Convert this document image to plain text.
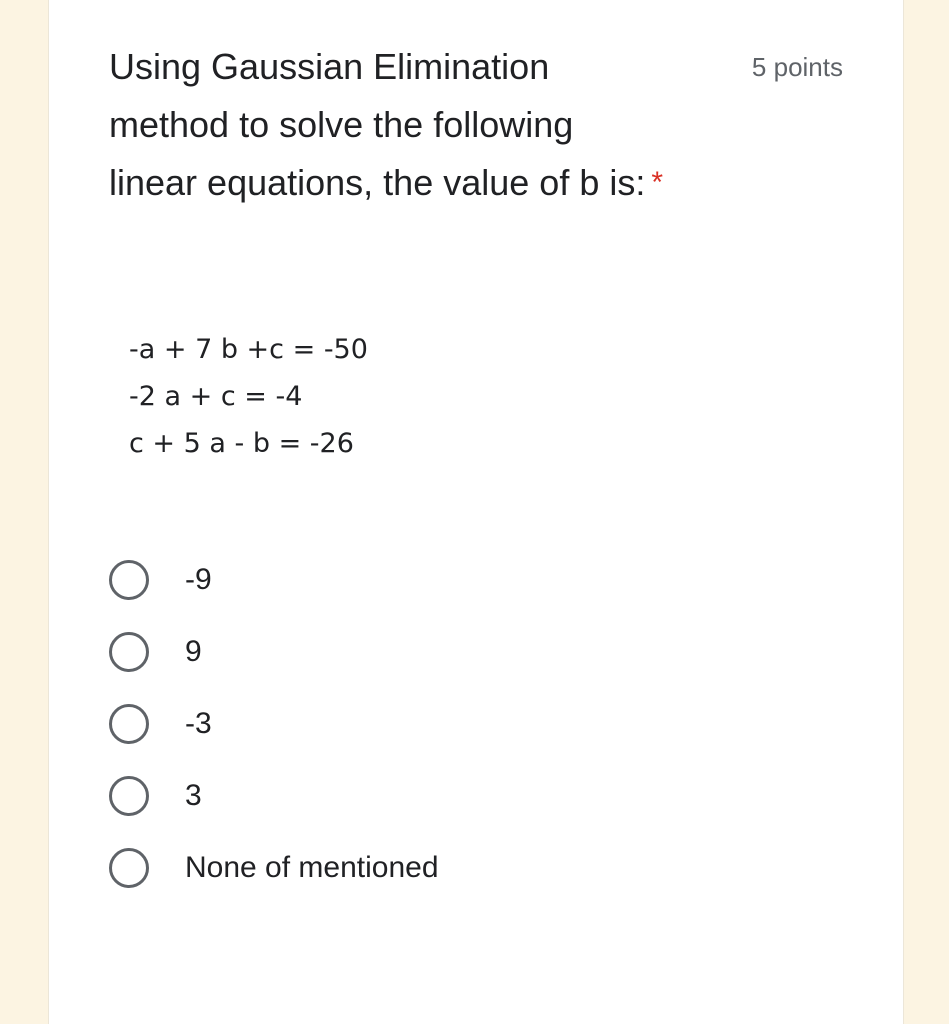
Using Gaussian Elimination method to solve the following linear equations, the value of b is: *
5 points
-a + 7 b +c = -50
-2 a + c = -4
c + 5 a - b = -26
-9
9
-3
3
None of mentioned
